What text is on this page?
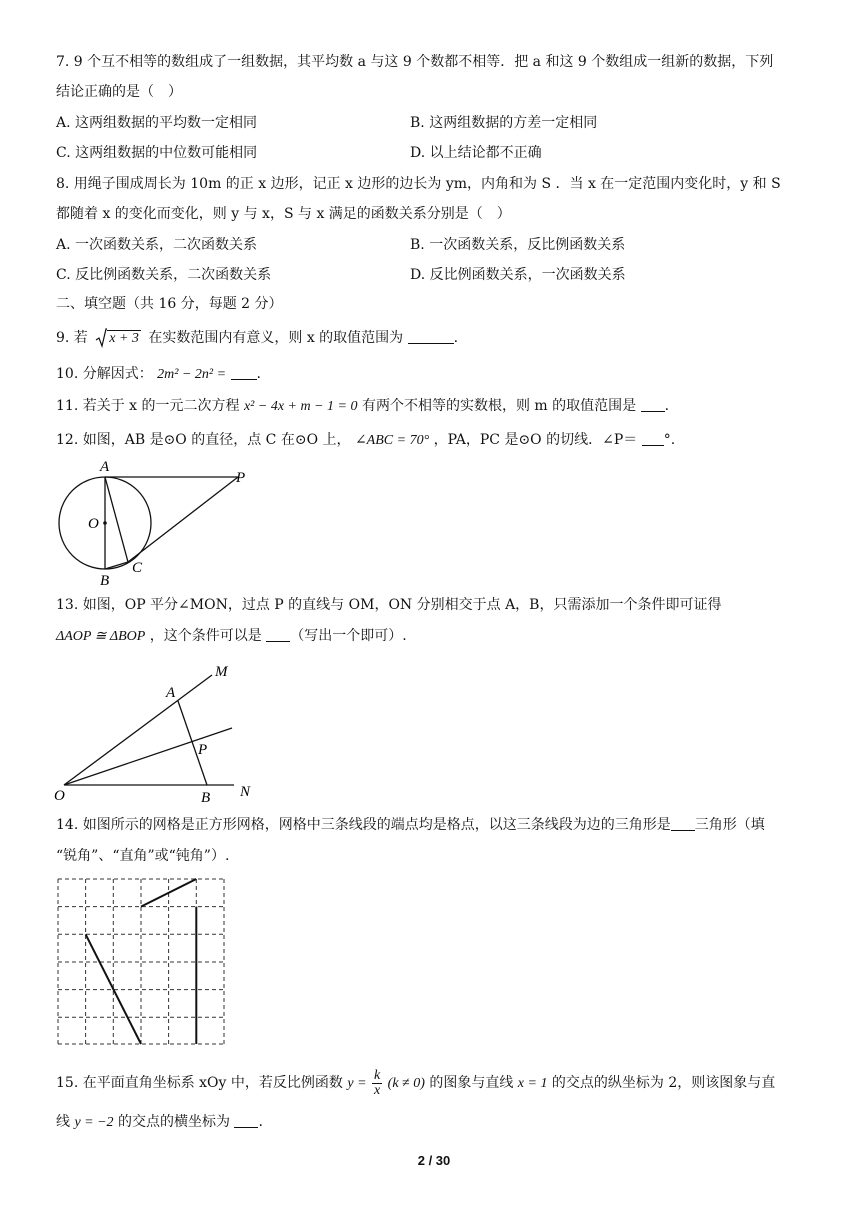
7. 9 个互不相等的数组成了一组数据，其平均数 a 与这 9 个数都不相等．把 a 和这 9 个数组成一组新的数据，下列
结论正确的是（　）
A. 这两组数据的平均数一定相同	B. 这两组数据的方差一定相同
C. 这两组数据的中位数可能相同	D. 以上结论都不正确
8. 用绳子围成周长为 10m 的正 x 边形，记正 x 边形的边长为 ym，内角和为 S ．当 x 在一定范围内变化时，y 和 S
都随着 x 的变化而变化，则 y 与 x，S 与 x 满足的函数关系分别是（　）
A. 一次函数关系，二次函数关系	B. 一次函数关系，反比例函数关系
C. 反比例函数关系，二次函数关系	D. 反比例函数关系，一次函数关系
二、填空题（共 16 分，每题 2 分）
9. 若 x + 3 在实数范围内有意义，则 x 的取值范围为	.
10. 分解因式： 2m² − 2n² = .
11. 若关于 x 的一元二次方程 x² − 4x + m − 1 = 0 有两个不相等的实数根，则 m 的取值范围是 .
12. 如图，AB 是⊙O 的直径，点 C 在⊙O 上， ∠ABC = 70° ，PA，PC 是⊙O 的切线．∠P＝ °.
A
P
O
B
C
13. 如图，OP 平分∠MON，过点 P 的直线与 OM，ON 分别相交于点 A，B，只需添加一个条件即可证得
ΔAOP ≅ ΔBOP ，这个条件可以是 （写出一个即可）.
M
A
P
O	B N
14. 如图所示的网格是正方形网格，网格中三条线段的端点均是格点，以这三条线段为边的三角形是 三角形（填
“锐角”、“直角”或“钝角”）.
15. 在平面直角坐标系 xOy 中，若反比例函数 $y = \frac{k}{x} (k \ne 0)$ 的图象与直线 x = 1 的交点的纵坐标为 2，则该图象与直
线 y = −2 的交点的横坐标为 .
2 / 30
